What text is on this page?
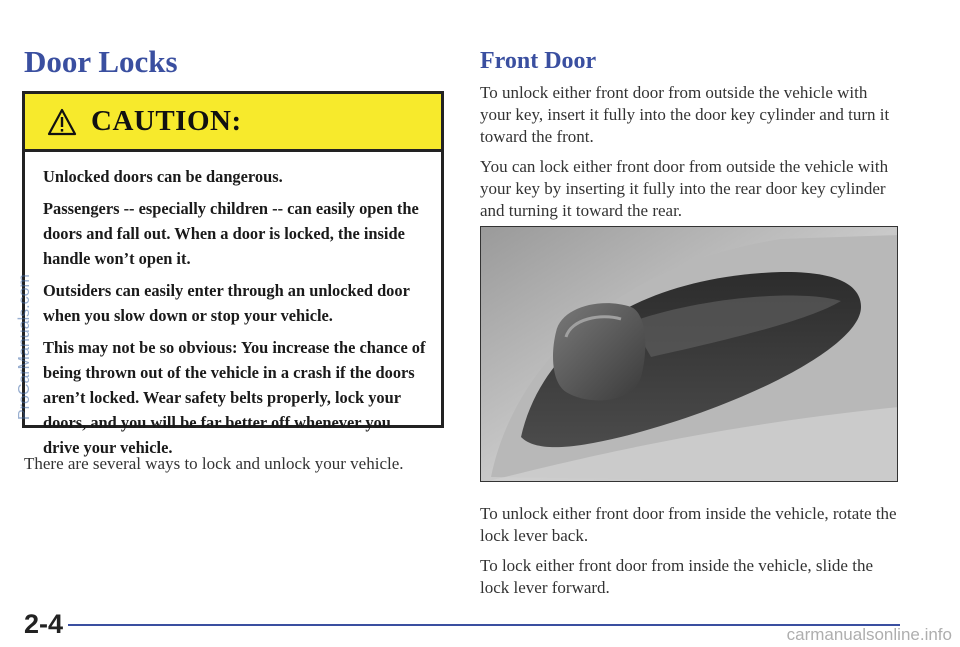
Door Locks
CAUTION:

Unlocked doors can be dangerous.

Passengers -- especially children -- can easily open the doors and fall out. When a door is locked, the inside handle won’t open it.

Outsiders can easily enter through an unlocked door when you slow down or stop your vehicle.

This may not be so obvious: You increase the chance of being thrown out of the vehicle in a crash if the doors aren’t locked. Wear safety belts properly, lock your doors, and you will be far better off whenever you drive your vehicle.

There are several ways to lock and unlock your vehicle.

Front Door

To unlock either front door from outside the vehicle with your key, insert it fully into the door key cylinder and turn it toward the front.

You can lock either front door from outside the vehicle with your key by inserting it fully into the rear door key cylinder and turning it toward the rear.

To unlock either front door from inside the vehicle, rotate the lock lever back.

To lock either front door from inside the vehicle, slide the lock lever forward.

2-4
ProCarManuals.com
carmanualsonline.info
